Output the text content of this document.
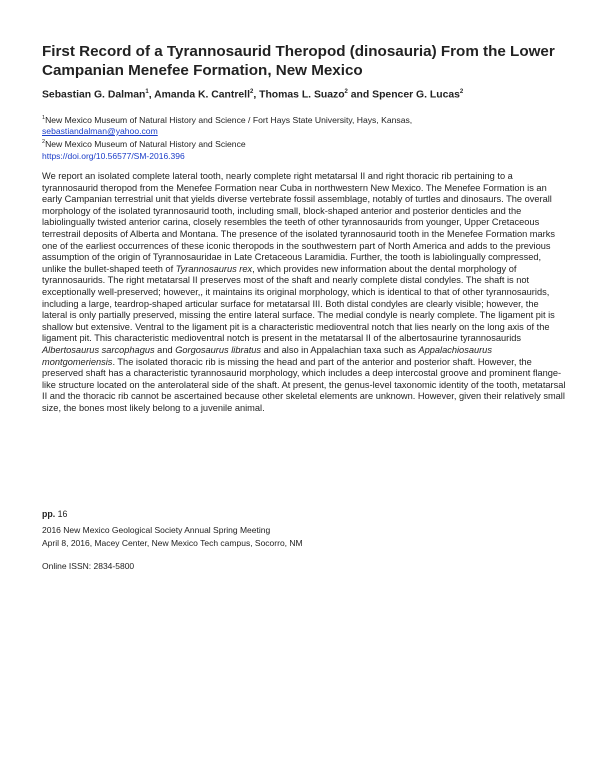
First Record of a Tyrannosaurid Theropod (dinosauria) From the Lower Campanian Menefee Formation, New Mexico
Sebastian G. Dalman$^1$, Amanda K. Cantrell$^2$, Thomas L. Suazo$^2$ and Spencer G. Lucas$^2$
$^1$New Mexico Museum of Natural History and Science / Fort Hays State University, Hays, Kansas,
sebastiandalman@yahoo.com
$^2$New Mexico Museum of Natural History and Science
https://doi.org/10.56577/SM-2016.396

We report an isolated complete lateral tooth, nearly complete right metatarsal II and right thoracic rib pertaining to a tyrannosaurid theropod from the Menefee Formation near Cuba in northwestern New Mexico. The Menefee Formation is an early Campanian terrestrial unit that yields diverse vertebrate fossil assemblage, notably of turtles and dinosaurs. The overall morphology of the isolated tyrannosaurid tooth, including small, block-shaped anterior and posterior denticles and the labiolingually twisted anterior carina, closely resembles the teeth of other tyrannosaurids from younger, Upper Cretaceous terrestrail deposits of Alberta and Montana. The presence of the isolated tyrannosaurid tooth in the Menefee Formation marks one of the earliest occurrences of these iconic theropods in the southwestern part of North America and adds to the previous assumption of the origin of Tyrannosauridae in Late Cretaceous Laramidia. Further, the tooth is labiolingually compressed, unlike the bullet-shaped teeth of Tyrannosaurus rex, which provides new information about the dental morphology of tyrannosaurids. The right metatarsal II preserves most of the shaft and nearly complete distal condyles. The shaft is not exceptionally well-preserved; however,, it maintains its original morphology, which is identical to that of other tyrannosaurids, including a large, teardrop-shaped articular surface for metatarsal III. Both distal condyles are clearly visible; however, the lateral is only partially preserved, missing the entire lateral surface. The medial condyle is nearly complete. The ligament pit is shallow but extensive. Ventral to the ligament pit is a characteristic medioventral notch that lies nearly on the long axis of the ligament pit. This characteristic medioventral notch is present in the metatarsal II of the albertosaurine tyrannosaurids Albertosaurus sarcophagus and Gorgosaurus libratus and also in Appalachian taxa such as Appalachiosaurus montgomeriensis. The isolated thoracic rib is missing the head and part of the anterior and posterior shaft. However, the preserved shaft has a characteristic tyrannosaurid morphology, which includes a deep intercostal groove and prominent flange-like structure located on the anterolateral side of the shaft. At present, the genus-level taxonomic identity of the tooth, metatarsal II and the thoracic rib cannot be ascertained because other skeletal elements are unknown. However, given their relatively small size, the bones most likely belong to a juvenile animal.

pp. 16
2016 New Mexico Geological Society Annual Spring Meeting
April 8, 2016, Macey Center, New Mexico Tech campus, Socorro, NM
Online ISSN: 2834-5800
